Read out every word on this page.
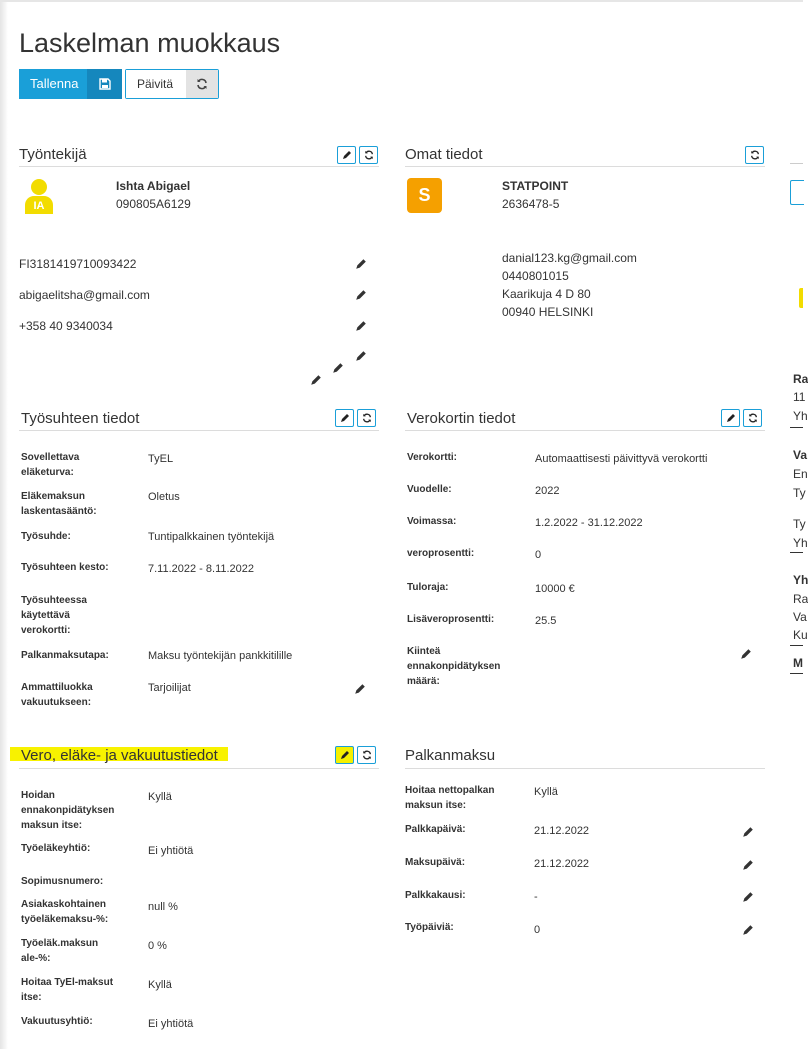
Laskelman muokkaus
Tallenna	Päivitä
Työntekijä
IA
Ishta Abigael
090805A6129
FI3181419710093422
abigaelitsha@gmail.com
+358 40 9340034
Omat tiedot
S	STATPOINT
2636478-5
danial123.kg@gmail.com
0440801015
Kaarikuja 4 D 80
00940 HELSINKI
Työsuhteen tiedot
Sovellettava eläketurva:
TyEL
Eläkemaksun laskentasääntö:
Oletus
Työsuhde:	Tuntipalkkainen työntekijä
Työsuhteen kesto:	7.11.2022 - 8.11.2022
Työsuhteessa käytettävä verokortti:
Palkanmaksutapa:	Maksu työntekijän pankkitilille
Ammattiluokka vakuutukseen:
Tarjoilijat
Verokortin tiedot
Verokortti:	Automaattisesti päivittyvä verokortti
Vuodelle:	2022
Voimassa:	1.2.2022 - 31.12.2022
veroprosentti:	0
Tuloraja:	10000 €
Lisäveroprosentti:	25.5
Kiinteä ennakonpidätyksen määrä:
Vero, eläke- ja vakuutustiedot
Hoidan ennakonpidätyksen maksun itse:
Kyllä
Työeläkeyhtiö:	Ei yhtiötä
Sopimusnumero:
Asiakaskohtainen työeläkemaksu-%:
null %
Työeläk.maksun ale-%:
0 %
Hoitaa TyEl-maksut itse:
Kyllä
Vakuutusyhtiö:	Ei yhtiötä
Palkanmaksu
Hoitaa nettopalkan maksun itse:
Kyllä
Palkkapäivä:	21.12.2022
Maksupäivä:	21.12.2022
Palkkakausi:	-
Työpäiviä:	0
Ra
11
Yh
Va
En
Ty
Ty
Yh
Yh
Ra
Va
Ku
M
